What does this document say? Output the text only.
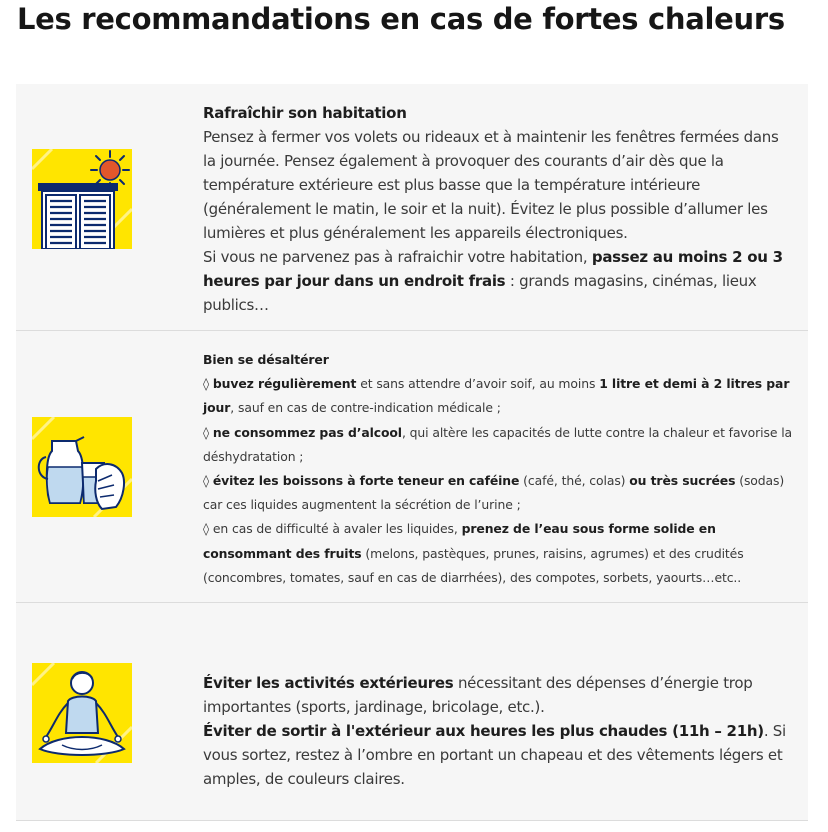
Les recommandations en cas de fortes chaleurs

Rafraîchir son habitation

Pensez à fermer vos volets ou rideaux et à maintenir les fenêtres fermées dans la journée. Pensez également à provoquer des courants d’air dès que la température extérieure est plus basse que la température intérieure (généralement le matin, le soir et la nuit). Évitez le plus possible d’allumer les lumières et plus généralement les appareils électroniques.

Si vous ne parvenez pas à rafraichir votre habitation, passez au moins 2 ou 3 heures par jour dans un endroit frais : grands magasins, cinémas, lieux publics…

Bien se désaltérer

◊ buvez régulièrement et sans attendre d’avoir soif, au moins 1 litre et demi à 2 litres par jour, sauf en cas de contre-indication médicale ;

◊ ne consommez pas d’alcool, qui altère les capacités de lutte contre la chaleur et favorise la déshydratation ;

◊ évitez les boissons à forte teneur en caféine (café, thé, colas) ou très sucrées (sodas) car ces liquides augmentent la sécrétion de l’urine ;

◊ en cas de difficulté à avaler les liquides, prenez de l’eau sous forme solide en consommant des fruits (melons, pastèques, prunes, raisins, agrumes) et des crudités (concombres, tomates, sauf en cas de diarrhées), des compotes, sorbets, yaourts…etc..

Éviter les activités extérieures nécessitant des dépenses d’énergie trop importantes (sports, jardinage, bricolage, etc.).

Éviter de sortir à l'extérieur aux heures les plus chaudes (11h – 21h). Si vous sortez, restez à l’ombre en portant un chapeau et des vêtements légers et amples, de couleurs claires.
